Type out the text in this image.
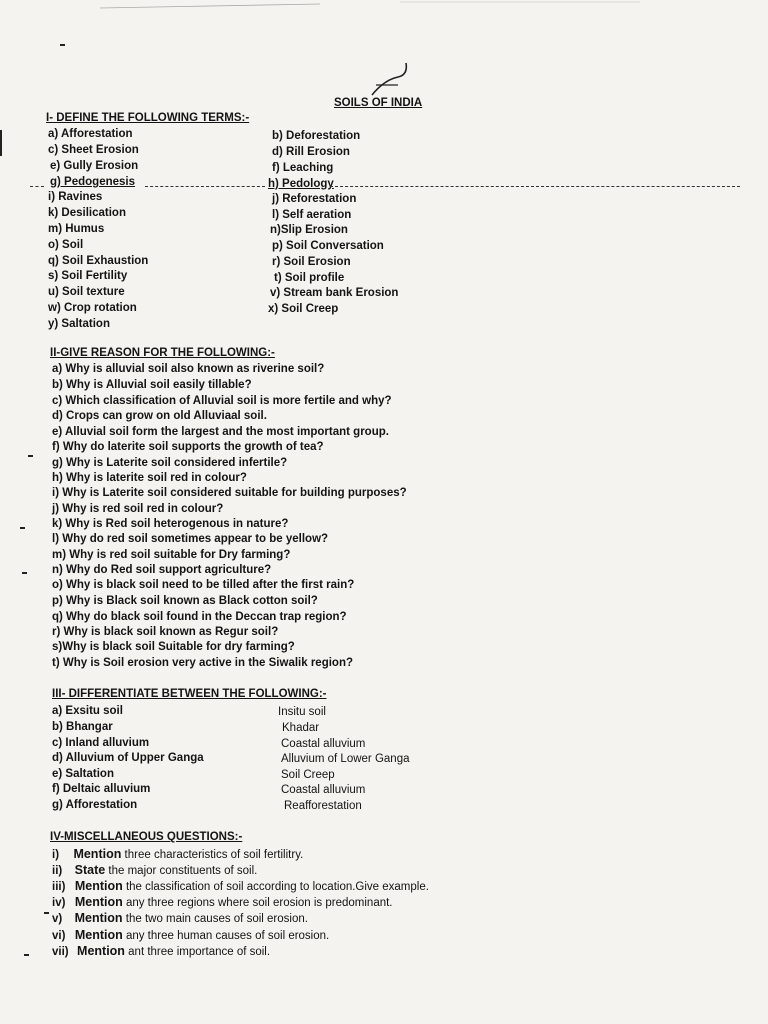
SOILS OF INDIA
I- DEFINE THE FOLLOWING TERMS:-
a) Afforestation
c) Sheet Erosion
e) Gully Erosion
g) Pedogenesis
i) Ravines
k) Desilication
m) Humus
o) Soil
q) Soil Exhaustion
s) Soil Fertility
u) Soil texture
w) Crop rotation
y) Saltation
b) Deforestation
d) Rill Erosion
f) Leaching
h) Pedology
j) Reforestation
l) Self aeration
n)Slip Erosion
p) Soil Conversation
r) Soil Erosion
t) Soil profile
v) Stream bank Erosion
x) Soil Creep
II-GIVE REASON FOR THE FOLLOWING:-
a) Why is alluvial soil also known as riverine soil?
b) Why is Alluvial soil easily tillable?
c) Which classification of Alluvial soil is more fertile and why?
d) Crops can grow on old Alluviaal soil.
e) Alluvial soil form the largest and the most important group.
f) Why do laterite soil supports the growth of tea?
g) Why is Laterite soil considered infertile?
h) Why is laterite soil red in colour?
i) Why is Laterite soil considered suitable for building purposes?
j) Why is red soil red in colour?
k) Why is Red soil heterogenous in nature?
l) Why do red soil sometimes appear to be yellow?
m) Why is red soil suitable for Dry farming?
n) Why do Red soil support agriculture?
o) Why is black soil need to be tilled after the first rain?
p) Why is Black soil known as Black cotton soil?
q) Why do black soil found in the Deccan trap region?
r) Why is black soil known as Regur soil?
s)Why is black soil Suitable for dry farming?
t) Why is Soil erosion very active in the Siwalik region?
III- DIFFERENTIATE BETWEEN THE FOLLOWING:-
a) Exsitu soil
b) Bhangar
c) Inland alluvium
d) Alluvium of Upper Ganga
e) Saltation
f) Deltaic alluvium
g) Afforestation
Insitu soil
Khadar
Coastal alluvium
Alluvium of Lower Ganga
Soil Creep
Coastal alluvium
Reafforestation
IV-MISCELLANEOUS QUESTIONS:-
i) Mention three characteristics of soil fertilitry.
ii) State the major constituents of soil.
iii) Mention the classification of soil according to location.Give example.
iv) Mention any three regions where soil erosion is predominant.
v) Mention the two main causes of soil erosion.
vi) Mention any three human causes of soil erosion.
vii) Mention ant three importance of soil.
